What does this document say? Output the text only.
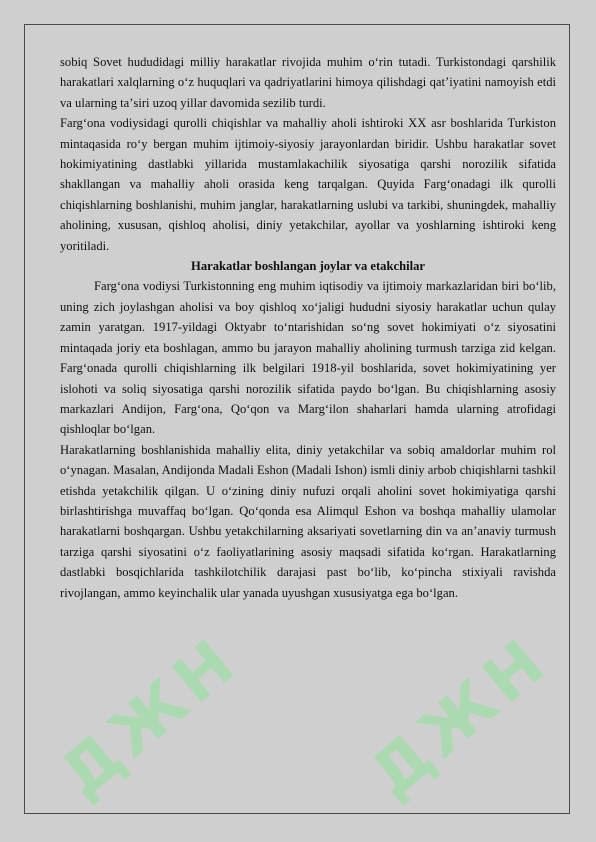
ДЖН ДЖН

sobiq Sovet hududidagi milliy harakatlar rivojida muhim oʻrin tutadi. Turkistondagi qarshilik harakatlari xalqlarning oʻz huquqlari va qadriyatlarini himoya qilishdagi qatʼiyatini namoyish etdi va ularning taʼsiri uzoq yillar davomida sezilib turdi.

Fargʻona vodiysidagi qurolli chiqishlar va mahalliy aholi ishtiroki XX asr boshlarida Turkiston mintaqasida roʻy bergan muhim ijtimoiy-siyosiy jarayonlardan biridir. Ushbu harakatlar sovet hokimiyatining dastlabki yillarida mustamlakachilik siyosatiga qarshi norozilik sifatida shakllangan va mahalliy aholi orasida keng tarqalgan. Quyida Fargʻonadagi ilk qurolli chiqishlarning boshlanishi, muhim janglar, harakatlarning uslubi va tarkibi, shuningdek, mahalliy aholining, xususan, qishloq aholisi, diniy yetakchilar, ayollar va yoshlarning ishtiroki keng yoritiladi.

Harakatlar boshlangan joylar va etakchilar

Fargʻona vodiysi Turkistonning eng muhim iqtisodiy va ijtimoiy markazlaridan biri boʻlib, uning zich joylashgan aholisi va boy qishloq xoʻjaligi hududni siyosiy harakatlar uchun qulay zamin yaratgan. 1917-yildagi Oktyabr toʻntarishidan soʻng sovet hokimiyati oʻz siyosatini mintaqada joriy eta boshlagan, ammo bu jarayon mahalliy aholining turmush tarziga zid kelgan. Fargʻonada qurolli chiqishlarning ilk belgilari 1918-yil boshlarida, sovet hokimiyatining yer islohoti va soliq siyosatiga qarshi norozilik sifatida paydo boʻlgan. Bu chiqishlarning asosiy markazlari Andijon, Fargʻona, Qoʻqon va Margʻilon shaharlari hamda ularning atrofidagi qishloqlar boʻlgan.

Harakatlarning boshlanishida mahalliy elita, diniy yetakchilar va sobiq amaldorlar muhim rol oʻynagan. Masalan, Andijonda Madali Eshon (Madali Ishon) ismli diniy arbob chiqishlarni tashkil etishda yetakchilik qilgan. U oʻzining diniy nufuzi orqali aholini sovet hokimiyatiga qarshi birlashtirishga muvaffaq boʻlgan. Qoʻqonda esa Alimqul Eshon va boshqa mahalliy ulamolar harakatlarni boshqargan. Ushbu yetakchilarning aksariyati sovetlarning din va anʼanaviy turmush tarziga qarshi siyosatini oʻz faoliyatlarining asosiy maqsadi sifatida koʻrgan. Harakatlarning dastlabki bosqichlarida tashkilotchilik darajasi past boʻlib, koʻpincha stixiyali ravishda rivojlangan, ammo keyinchalik ular yanada uyushgan xususiyatga ega boʻlgan.
